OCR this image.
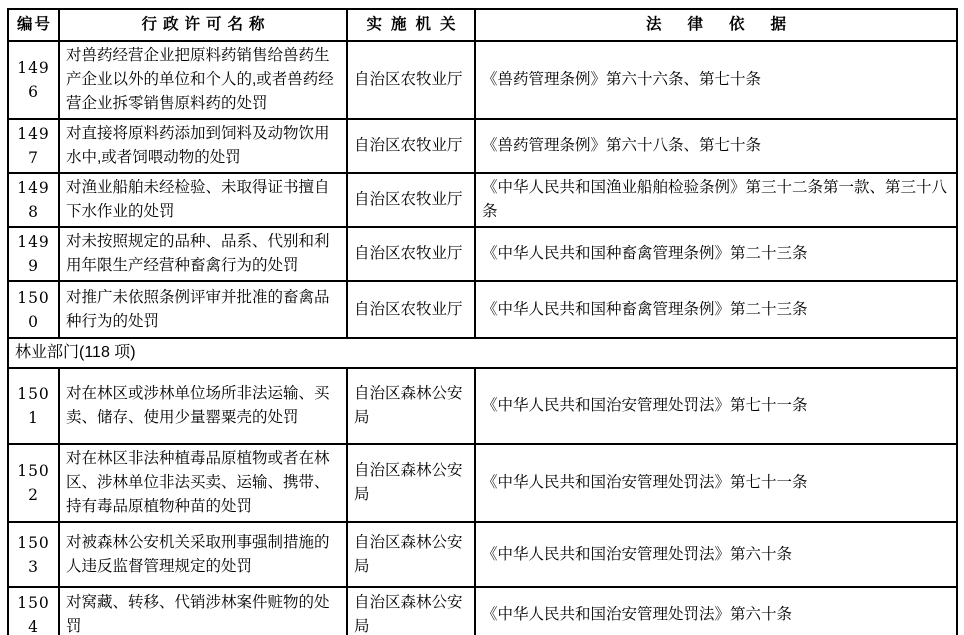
编号	行政许可名称	实施机关	法律依据
1496	对兽药经营企业把原料药销售给兽药生产企业以外的单位和个人的,或者兽药经营企业拆零销售原料药的处罚	自治区农牧业厅	《兽药管理条例》第六十六条、第七十条
1497	对直接将原料药添加到饲料及动物饮用水中,或者饲喂动物的处罚	自治区农牧业厅	《兽药管理条例》第六十八条、第七十条
1498	对渔业船舶未经检验、未取得证书擅自下水作业的处罚	自治区农牧业厅	《中华人民共和国渔业船舶检验条例》第三十二条第一款、第三十八条
1499	对未按照规定的品种、品系、代别和利用年限生产经营种畜禽行为的处罚	自治区农牧业厅	《中华人民共和国种畜禽管理条例》第二十三条
1500	对推广未依照条例评审并批准的畜禽品种行为的处罚	自治区农牧业厅	《中华人民共和国种畜禽管理条例》第二十三条
林业部门(118 项)			
1501	对在林区或涉林单位场所非法运输、买卖、储存、使用少量罂粟壳的处罚	自治区森林公安局	《中华人民共和国治安管理处罚法》第七十一条
1502	对在林区非法种植毒品原植物或者在林区、涉林单位非法买卖、运输、携带、持有毒品原植物种苗的处罚	自治区森林公安局	《中华人民共和国治安管理处罚法》第七十一条
1503	对被森林公安机关采取刑事强制措施的人违反监督管理规定的处罚	自治区森林公安局	《中华人民共和国治安管理处罚法》第六十条
1504	对窝藏、转移、代销涉林案件赃物的处罚	自治区森林公安局	《中华人民共和国治安管理处罚法》第六十条
